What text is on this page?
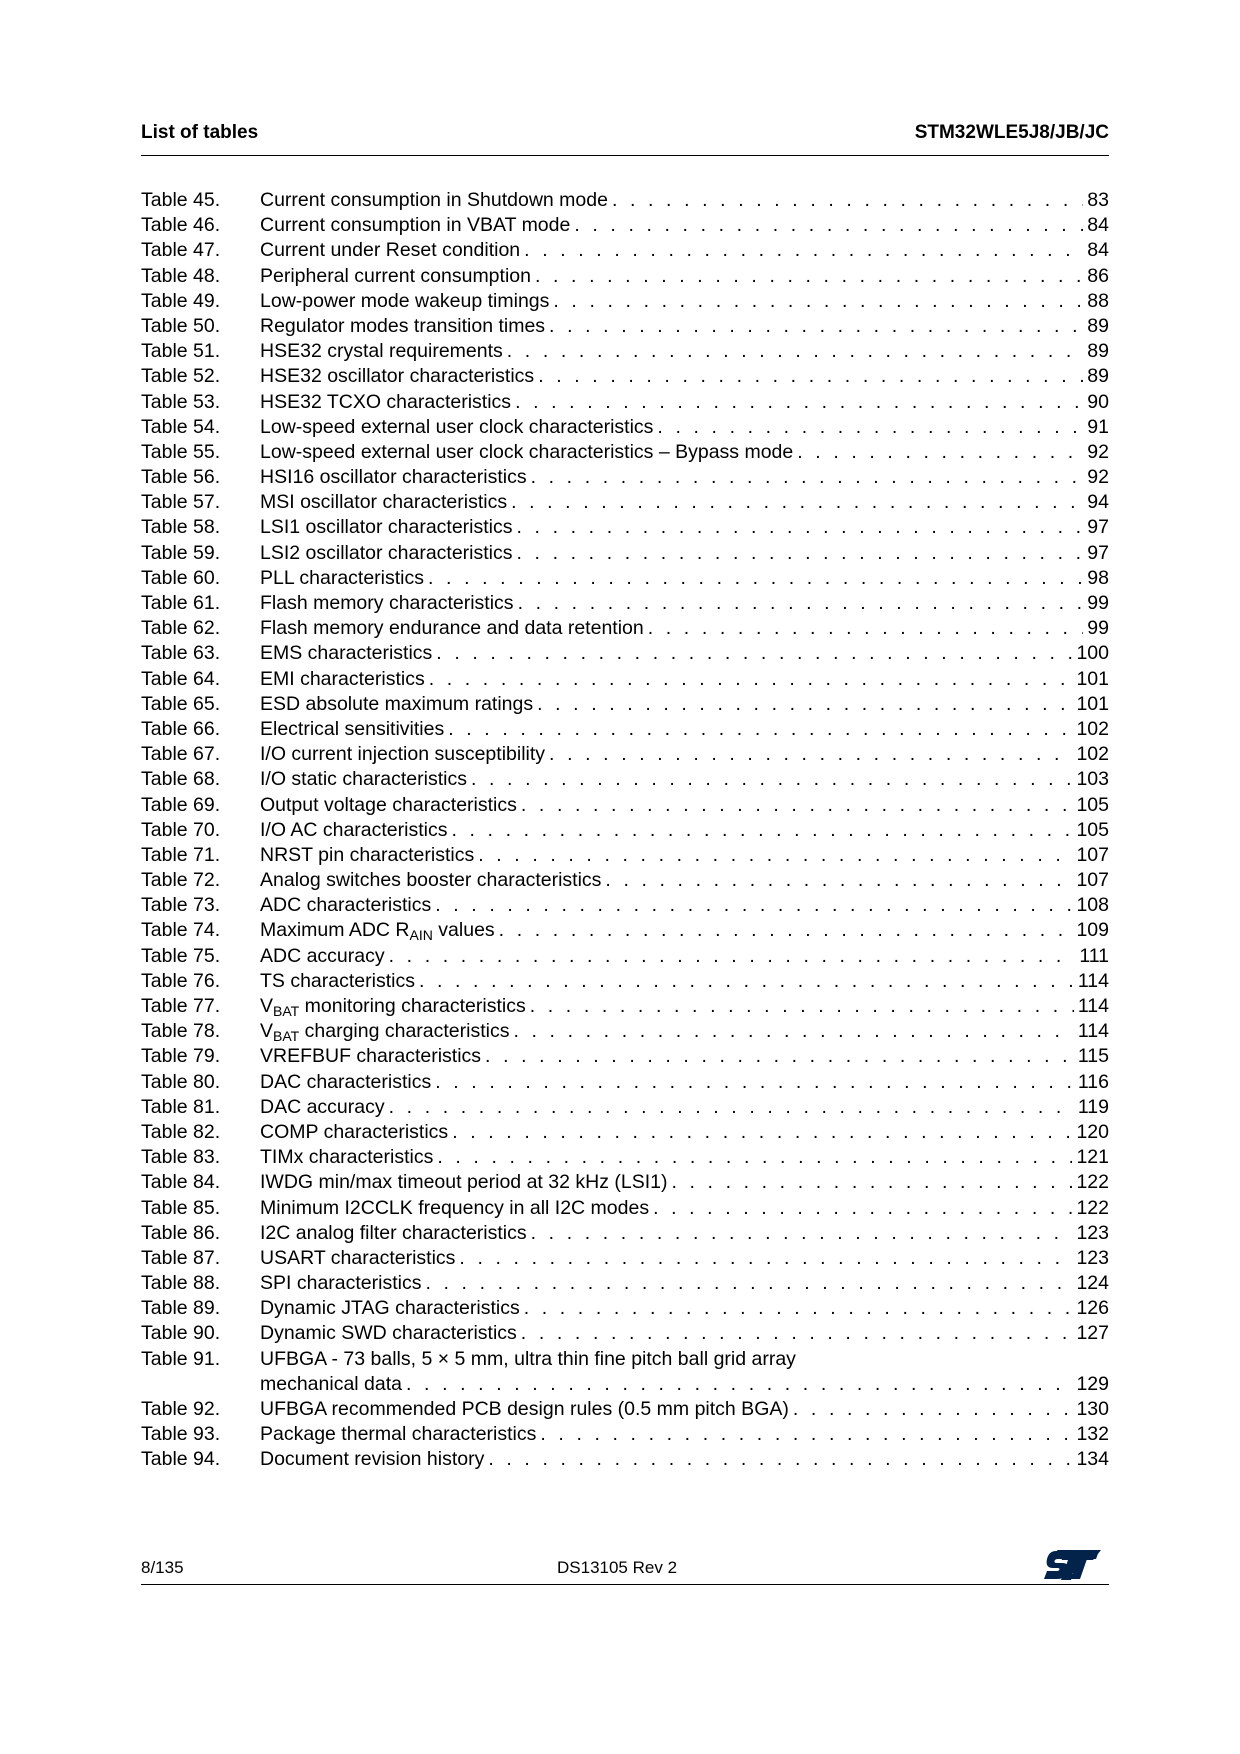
List of tables	STM32WLE5J8/JB/JC
Table 45. Current consumption in Shutdown mode . . .	83
Table 46. Current consumption in VBAT mode . . .	84
Table 47. Current under Reset condition . . .	84
Table 48. Peripheral current consumption . . .	86
Table 49. Low-power mode wakeup timings . . .	88
Table 50. Regulator modes transition times . . .	89
Table 51. HSE32 crystal requirements . . .	89
Table 52. HSE32 oscillator characteristics . . .	89
Table 53. HSE32 TCXO characteristics . . .	90
Table 54. Low-speed external user clock characteristics . . .	91
Table 55. Low-speed external user clock characteristics – Bypass mode . . .	92
Table 56. HSI16 oscillator characteristics . . .	92
Table 57. MSI oscillator characteristics . . .	94
Table 58. LSI1 oscillator characteristics . . .	97
Table 59. LSI2 oscillator characteristics . . .	97
Table 60. PLL characteristics . . .	98
Table 61. Flash memory characteristics . . .	99
Table 62. Flash memory endurance and data retention . . .	99
Table 63. EMS characteristics . . .	100
Table 64. EMI characteristics . . .	101
Table 65. ESD absolute maximum ratings . . .	101
Table 66. Electrical sensitivities . . .	102
Table 67. I/O current injection susceptibility . . .	102
Table 68. I/O static characteristics . . .	103
Table 69. Output voltage characteristics . . .	105
Table 70. I/O AC characteristics . . .	105
Table 71. NRST pin characteristics . . .	107
Table 72. Analog switches booster characteristics . . .	107
Table 73. ADC characteristics . . .	108
Table 74. Maximum ADC $R_{AIN}$ values . . .	109
Table 75. ADC accuracy . . .	111
Table 76. TS characteristics . . .	114
Table 77. $V_{BAT}$ monitoring characteristics . . .	114
Table 78. $V_{BAT}$ charging characteristics . . .	114
Table 79. VREFBUF characteristics . . .	115
Table 80. DAC characteristics . . .	116
Table 81. DAC accuracy . . .	119
Table 82. COMP characteristics . . .	120
Table 83. TIMx characteristics . . .	121
Table 84. IWDG min/max timeout period at 32 kHz (LSI1) . . .	122
Table 85. Minimum I2CCLK frequency in all I2C modes . . .	122
Table 86. I2C analog filter characteristics . . .	123
Table 87. USART characteristics . . .	123
Table 88. SPI characteristics . . .	124
Table 89. Dynamic JTAG characteristics . . .	126
Table 90. Dynamic SWD characteristics . . .	127
Table 91. UFBGA - 73 balls, 5 × 5 mm, ultra thin fine pitch ball grid array
mechanical data . . .	129
Table 92. UFBGA recommended PCB design rules (0.5 mm pitch BGA) . . .	130
Table 93. Package thermal characteristics . . .	132
Table 94. Document revision history . . .	134
8/135	DS13105 Rev 2	ST
